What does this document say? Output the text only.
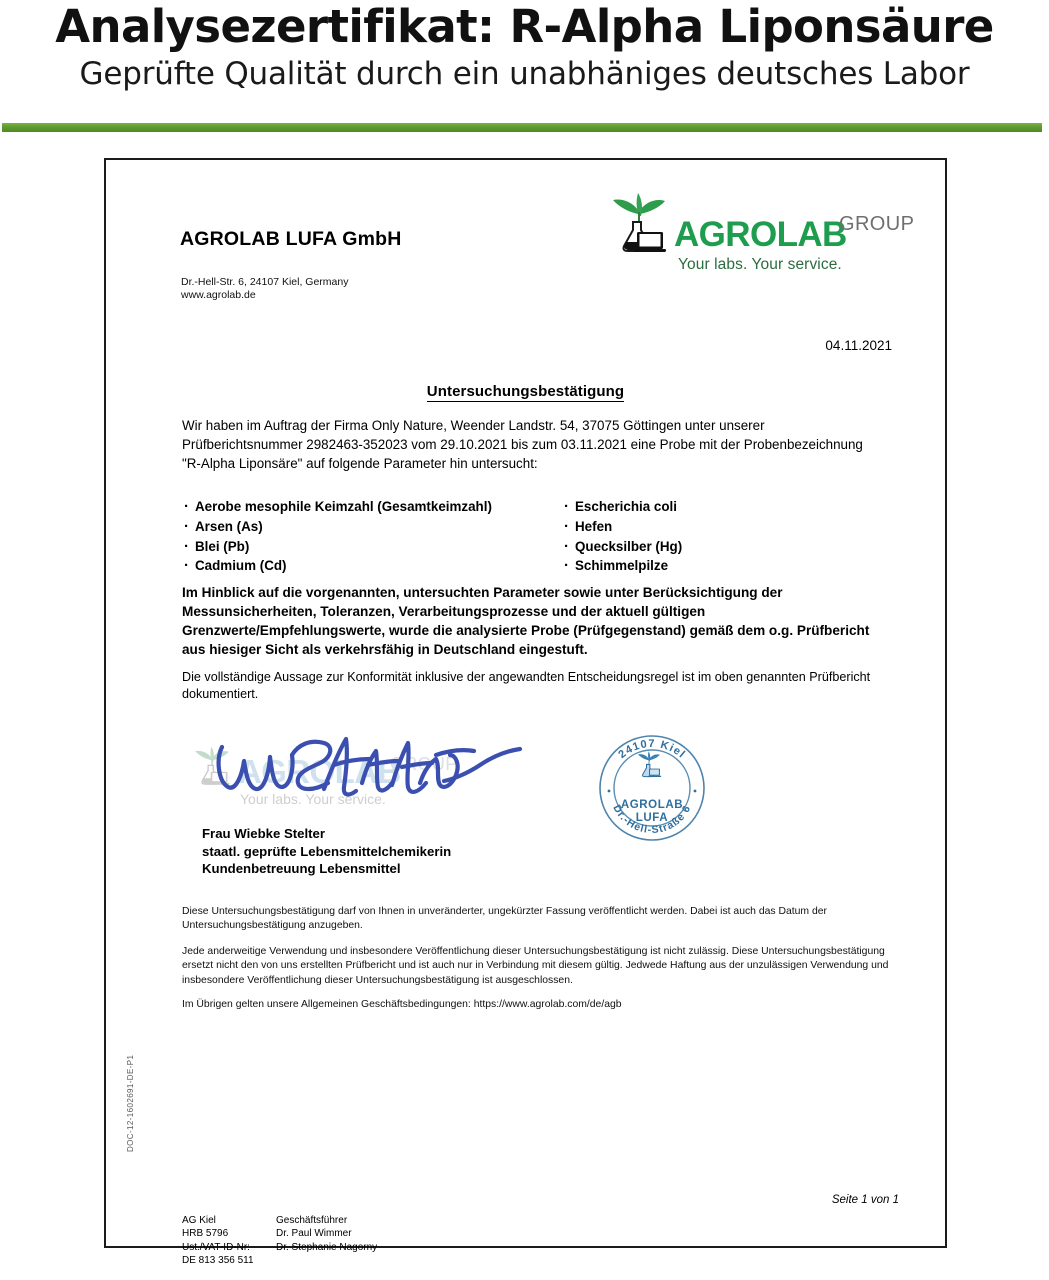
Analysezertifikat: R-Alpha Liponsäure
Geprüfte Qualität durch ein unabhäniges deutsches Labor
AGROLAB LUFA GmbH
Dr.-Hell-Str. 6, 24107 Kiel, Germany
www.agrolab.de
AGROLAB
GROUP
Your labs. Your service.
04.11.2021
Untersuchungsbestätigung
Wir haben im Auftrag der Firma Only Nature, Weender Landstr. 54, 37075 Göttingen unter unserer Prüfberichtsnummer 2982463-352023 vom 29.10.2021 bis zum 03.11.2021 eine Probe mit der Probenbezeichnung "R-Alpha Liponsäre" auf folgende Parameter hin untersucht:
· Aerobe mesophile Keimzahl (Gesamtkeimzahl)
· Arsen (As)
· Blei (Pb)
· Cadmium (Cd)
· Escherichia coli
· Hefen
· Quecksilber (Hg)
· Schimmelpilze
Im Hinblick auf die vorgenannten, untersuchten Parameter sowie unter Berücksichtigung der Messunsicherheiten, Toleranzen, Verarbeitungsprozesse und der aktuell gültigen Grenzwerte/Empfehlungswerte, wurde die analysierte Probe (Prüfgegenstand) gemäß dem o.g. Prüfbericht aus hiesiger Sicht als verkehrsfähig in Deutschland eingestuft.
Die vollständige Aussage zur Konformität inklusive der angewandten Entscheidungsregel ist im oben genannten Prüfbericht dokumentiert.
AGROLAB
GROUP
Your labs. Your service.
24107 Kiel
Dr.-Hell-Straße 6
AGROLAB
LUFA
Frau Wiebke Stelter
staatl. geprüfte Lebensmittelchemikerin
Kundenbetreuung Lebensmittel
Diese Untersuchungsbestätigung darf von Ihnen in unveränderter, ungekürzter Fassung veröffentlicht werden. Dabei ist auch das Datum der Untersuchungsbestätigung anzugeben.
Jede anderweitige Verwendung und insbesondere Veröffentlichung dieser Untersuchungsbestätigung ist nicht zulässig. Diese Untersuchungsbestätigung ersetzt nicht den von uns erstellten Prüfbericht und ist auch nur in Verbindung mit diesem gültig. Jedwede Haftung aus der unzulässigen Verwendung und insbesondere Veröffentlichung dieser Untersuchungsbestätigung ist ausgeschlossen.
Im Übrigen gelten unsere Allgemeinen Geschäftsbedingungen: https://www.agrolab.com/de/agb
Seite 1 von 1
AG Kiel
HRB 5796
Ust./VAT-ID-Nr:
DE 813 356 511
Geschäftsführer
Dr. Paul Wimmer
Dr. Stephanie Nagorny
